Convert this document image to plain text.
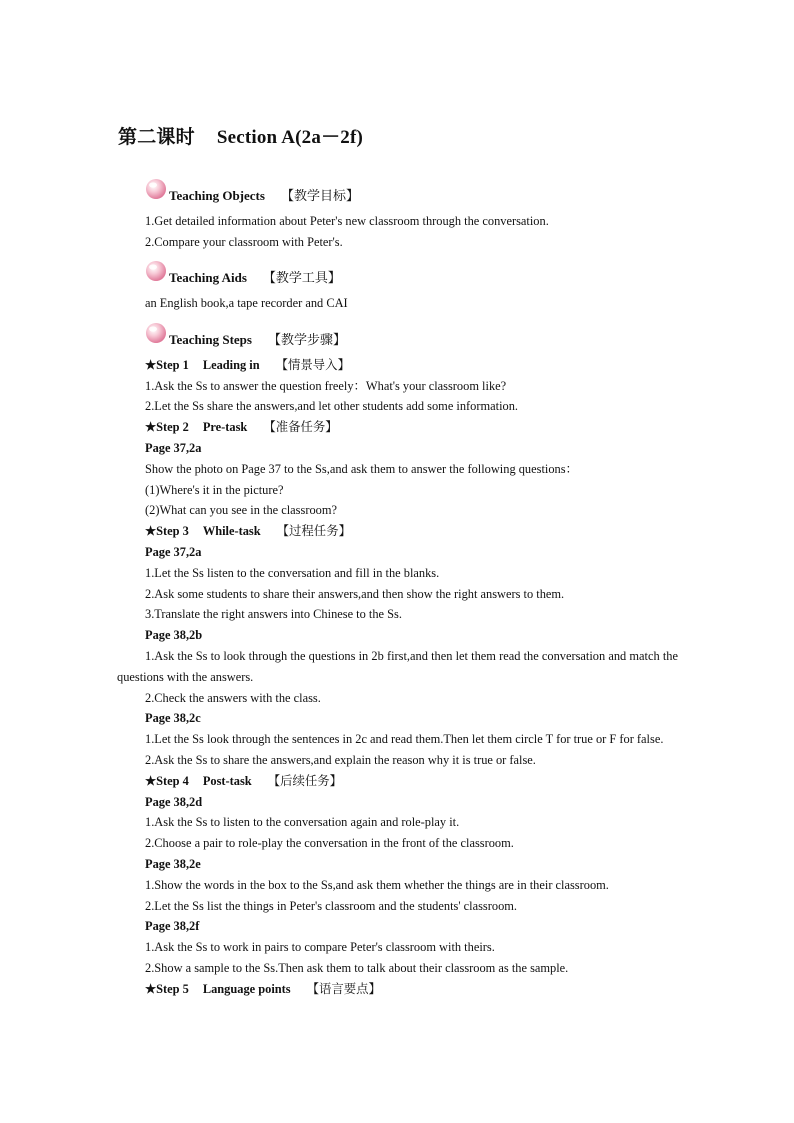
第二课时 Section A(2a－2f)
Teaching Objects 【教学目标】
1.Get detailed information about Peter's new classroom through the conversation.
2.Compare your classroom with Peter's.
Teaching Aids 【教学工具】
an English book,a tape recorder and CAI
Teaching Steps 【教学步骤】
★Step 1 Leading in 【情景导入】
1.Ask the Ss to answer the question freely：What's your classroom like?
2.Let the Ss share the answers,and let other students add some information.
★Step 2 Pre-task 【准备任务】
Page 37,2a
Show the photo on Page 37 to the Ss,and ask them to answer the following questions：
(1)Where's it in the picture?
(2)What can you see in the classroom?
★Step 3 While-task 【过程任务】
Page 37,2a
1.Let the Ss listen to the conversation and fill in the blanks.
2.Ask some students to share their answers,and then show the right answers to them.
3.Translate the right answers into Chinese to the Ss.
Page 38,2b
1.Ask the Ss to look through the questions in 2b first,and then let them read the conversation and match the questions with the answers.
2.Check the answers with the class.
Page 38,2c
1.Let the Ss look through the sentences in 2c and read them.Then let them circle T for true or F for false.
2.Ask the Ss to share the answers,and explain the reason why it is true or false.
★Step 4 Post-task 【后续任务】
Page 38,2d
1.Ask the Ss to listen to the conversation again and role-play it.
2.Choose a pair to role-play the conversation in the front of the classroom.
Page 38,2e
1.Show the words in the box to the Ss,and ask them whether the things are in their classroom.
2.Let the Ss list the things in Peter's classroom and the students' classroom.
Page 38,2f
1.Ask the Ss to work in pairs to compare Peter's classroom with theirs.
2.Show a sample to the Ss.Then ask them to talk about their classroom as the sample.
★Step 5 Language points 【语言要点】
